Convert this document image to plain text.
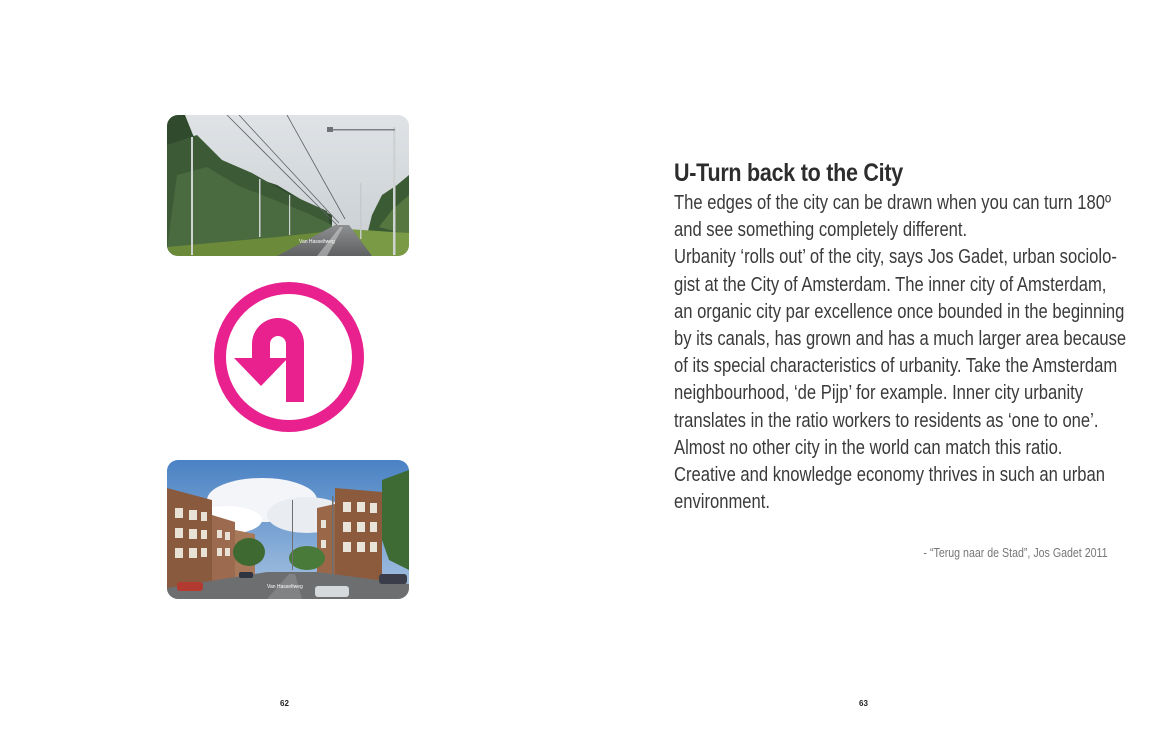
Van Hasseltweg
Van Hasseltweg
U-Turn back to the City
The edges of the city can be drawn when you can turn 180º
and see something completely different.
Urbanity ‘rolls out’ of the city, says Jos Gadet, urban sociolo-
gist at the City of Amsterdam. The inner city of Amsterdam,
an organic city par excellence once bounded in the beginning
by its canals, has grown and has a much larger area because
of its special characteristics of urbanity. Take the Amsterdam
neighbourhood, ‘de Pijp’ for example. Inner city urbanity
translates in the ratio workers to residents as ‘one to one’.
Almost no other city in the world can match this ratio.
Creative and knowledge economy thrives in such an urban
environment.
- “Terug naar de Stad”, Jos Gadet 2011
62	63
